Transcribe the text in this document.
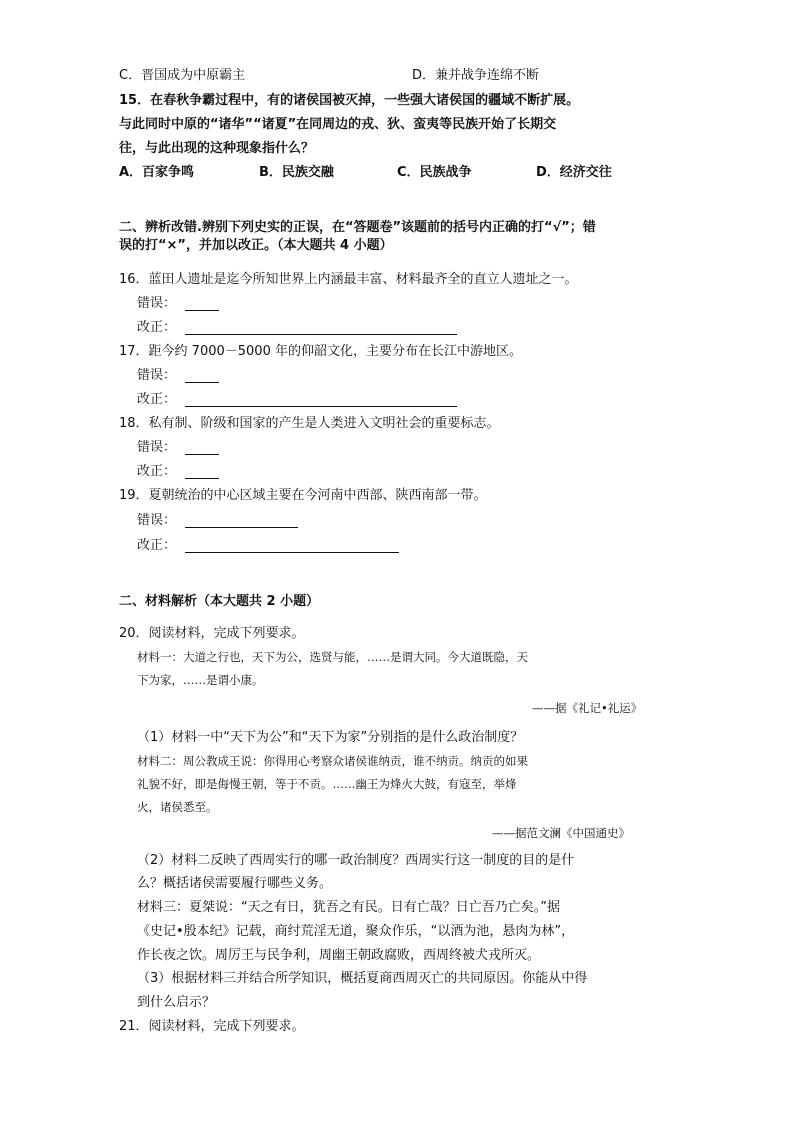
C．晋国成为中原霸主	D．兼并战争连绵不断
15．在春秋争霸过程中，有的诸侯国被灭掉，一些强大诸侯国的疆域不断扩展。
与此同时中原的“诸华”“诸夏”在同周边的戎、狄、蛮夷等民族开始了长期交
往，与此出现的这种现象指什么？
A．百家争鸣	B．民族交融	C．民族战争	D．经济交往
二、辨析改错.辨别下列史实的正误，在“答题卷”该题前的括号内正确的打“√”；错
误的打“×”，并加以改正。（本大题共 4 小题）
16．蓝田人遗址是迄今所知世界上内涵最丰富、材料最齐全的直立人遗址之一。
错误：
改正：
17．距今约 7000－5000 年的仰韶文化，主要分布在长江中游地区。
错误：
改正：
18．私有制、阶级和国家的产生是人类进入文明社会的重要标志。
错误：
改正：
19．夏朝统治的中心区域主要在今河南中西部、陕西南部一带。
错误：
改正：
二、材料解析（本大题共 2 小题）
20．阅读材料，完成下列要求。
材料一：大道之行也，天下为公，选贤与能，……是谓大同。今大道既隐，天
下为家，……是谓小康。
——据《礼记•礼运》
（1）材料一中“天下为公”和“天下为家”分别指的是什么政治制度？
材料二：周公教成王说：你得用心考察众诸侯谁纳贡，谁不纳贡。纳贡的如果
礼貌不好，即是侮慢王朝，等于不贡。……幽王为烽火大鼓，有寇至，举烽
火，诸侯悉至。
——据范文澜《中国通史》
（2）材料二反映了西周实行的哪一政治制度？西周实行这一制度的目的是什
么？概括诸侯需要履行哪些义务。
材料三：夏桀说：“天之有日，犹吾之有民。日有亡哉？日亡吾乃亡矣。”据
《史记•殷本纪》记载，商纣荒淫无道，聚众作乐，“以酒为池，悬肉为林”，
作长夜之饮。周厉王与民争利，周幽王朝政腐败，西周终被犬戎所灭。
（3）根据材料三并结合所学知识，概括夏商西周灭亡的共同原因。你能从中得
到什么启示？
21．阅读材料，完成下列要求。
